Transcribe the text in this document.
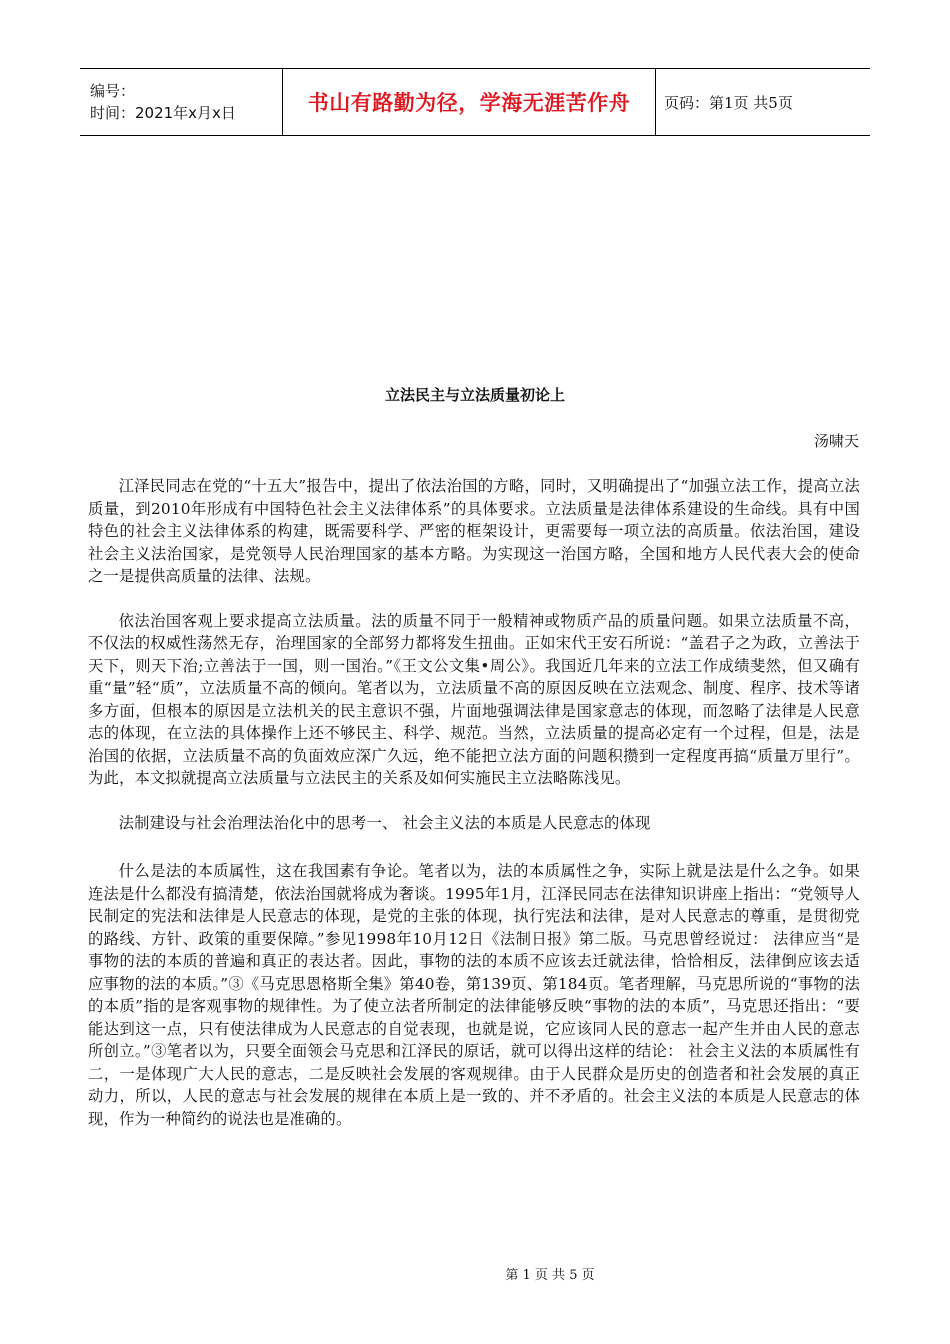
编号：
时间：2021年x月x日	书山有路勤为径，学海无涯苦作舟 页码：第1页 共5页
立法民主与立法质量初论上
汤啸天

江泽民同志在党的“十五大”报告中，提出了依法治国的方略，同时，又明确提出了“加强立法工作，提高立法质量，到2010年形成有中国特色社会主义法律体系”的具体要求。立法质量是法律体系建设的生命线。具有中国特色的社会主义法律体系的构建，既需要科学、严密的框架设计，更需要每一项立法的高质量。依法治国，建设社会主义法治国家，是党领导人民治理国家的基本方略。为实现这一治国方略，全国和地方人民代表大会的使命之一是提供高质量的法律、法规。

依法治国客观上要求提高立法质量。法的质量不同于一般精神或物质产品的质量问题。如果立法质量不高，不仅法的权威性荡然无存，治理国家的全部努力都将发生扭曲。正如宋代王安石所说：“盖君子之为政，立善法于天下，则天下治;立善法于一国，则一国治。”《王文公文集•周公》。我国近几年来的立法工作成绩斐然，但又确有重“量”轻“质”，立法质量不高的倾向。笔者以为，立法质量不高的原因反映在立法观念、制度、程序、技术等诸多方面，但根本的原因是立法机关的民主意识不强，片面地强调法律是国家意志的体现，而忽略了法律是人民意志的体现，在立法的具体操作上还不够民主、科学、规范。当然，立法质量的提高必定有一个过程，但是，法是治国的依据，立法质量不高的负面效应深广久远，绝不能把立法方面的问题积攒到一定程度再搞“质量万里行”。为此，本文拟就提高立法质量与立法民主的关系及如何实施民主立法略陈浅见。

法制建设与社会治理法治化中的思考一、 社会主义法的本质是人民意志的体现

什么是法的本质属性，这在我国素有争论。笔者以为，法的本质属性之争，实际上就是法是什么之争。如果连法是什么都没有搞清楚，依法治国就将成为奢谈。1995年1月，江泽民同志在法律知识讲座上指出：“党领导人民制定的宪法和法律是人民意志的体现，是党的主张的体现，执行宪法和法律，是对人民意志的尊重，是贯彻党的路线、方针、政策的重要保障。”参见1998年10月12日《法制日报》第二版。马克思曾经说过： 法律应当“是事物的法的本质的普遍和真正的表达者。因此，事物的法的本质不应该去迁就法律，恰恰相反，法律倒应该去适应事物的法的本质。”③《马克思恩格斯全集》第40卷，第139页、第184页。笔者理解，马克思所说的“事物的法的本质”指的是客观事物的规律性。为了使立法者所制定的法律能够反映“事物的法的本质”，马克思还指出：“要能达到这一点，只有使法律成为人民意志的自觉表现，也就是说，它应该同人民的意志一起产生并由人民的意志所创立。”③笔者以为，只要全面领会马克思和江泽民的原话，就可以得出这样的结论： 社会主义法的本质属性有二，一是体现广大人民的意志，二是反映社会发展的客观规律。由于人民群众是历史的创造者和社会发展的真正动力，所以，人民的意志与社会发展的规律在本质上是一致的、并不矛盾的。社会主义法的本质是人民意志的体现，作为一种简约的说法也是准确的。

第 1 页 共 5 页
